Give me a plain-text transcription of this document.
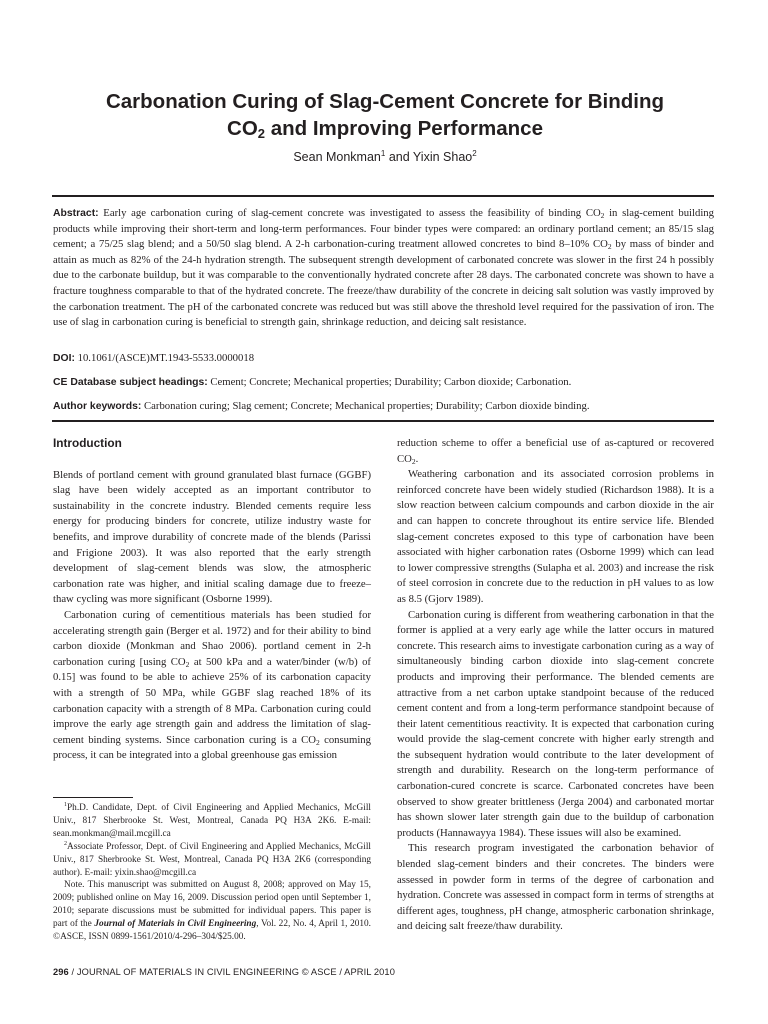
Carbonation Curing of Slag-Cement Concrete for Binding
$CO_2$ and Improving Performance
Sean Monkman$^1$ and Yixin Shao$^2$
Abstract: Early age carbonation curing of slag-cement concrete was investigated to assess the feasibility of binding $CO_2$ in slag-cement building products while improving their short-term and long-term performances. Four binder types were compared: an ordinary portland cement; an 85/15 slag cement; a 75/25 slag blend; and a 50/50 slag blend. A 2-h carbonation-curing treatment allowed concretes to bind 8–10% $CO_2$ by mass of binder and attain as much as 82% of the 24-h hydration strength. The subsequent strength development of carbonated concrete was slower in the first 24 h possibly due to the carbonate buildup, but it was comparable to the conventionally hydrated concrete after 28 days. The carbonated concrete was shown to have a fracture toughness comparable to that of the hydrated concrete. The freeze/thaw durability of the concrete in deicing salt solution was vastly improved by the carbonation treatment. The pH of the carbonated concrete was reduced but was still above the threshold level required for the passivation of iron. The use of slag in carbonation curing is beneficial to strength gain, shrinkage reduction, and deicing salt resistance.
DOI: 10.1061/(ASCE)MT.1943-5533.0000018
CE Database subject headings: Cement; Concrete; Mechanical properties; Durability; Carbon dioxide; Carbonation.
Author keywords: Carbonation curing; Slag cement; Concrete; Mechanical properties; Durability; Carbon dioxide binding.
Introduction

Blends of portland cement with ground granulated blast furnace (GGBF) slag have been widely accepted as an important contributor to sustainability in the concrete industry. Blended cements require less energy for producing binders for concrete, utilize industry waste for benefits, and improve durability of concrete made of the blends (Parissi and Frigione 2003). It was also reported that the early strength development of slag-cement blends was slow, the atmospheric carbonation rate was higher, and initial scaling damage due to freeze–thaw cycling was more significant (Osborne 1999).

Carbonation curing of cementitious materials has been studied for accelerating strength gain (Berger et al. 1972) and for their ability to bind carbon dioxide (Monkman and Shao 2006). portland cement in 2-h carbonation curing [using $CO_2$ at 500 kPa and a water/binder (w/b) of 0.15] was found to be able to achieve 25% of its carbonation capacity with a strength of 50 MPa, while GGBF slag reached 18% of its carbonation capacity with a strength of 8 MPa. Carbonation curing could improve the early age strength gain and address the limitation of slag-cement binding systems. Since carbonation curing is a $CO_2$ consuming process, it can be integrated into a global greenhouse gas emission

$^1$Ph.D. Candidate, Dept. of Civil Engineering and Applied Mechanics, McGill Univ., 817 Sherbrooke St. West, Montreal, Canada PQ H3A 2K6. E-mail: sean.monkman@mail.mcgill.ca

$^2$Associate Professor, Dept. of Civil Engineering and Applied Mechanics, McGill Univ., 817 Sherbrooke St. West, Montreal, Canada PQ H3A 2K6 (corresponding author). E-mail: yixin.shao@mcgill.ca

Note. This manuscript was submitted on August 8, 2008; approved on May 15, 2009; published online on May 16, 2009. Discussion period open until September 1, 2010; separate discussions must be submitted for individual papers. This paper is part of the Journal of Materials in Civil Engineering, Vol. 22, No. 4, April 1, 2010. ©ASCE, ISSN 0899-1561/2010/4-296–304/$25.00.

reduction scheme to offer a beneficial use of as-captured or recovered $CO_2$.

Weathering carbonation and its associated corrosion problems in reinforced concrete have been widely studied (Richardson 1988). It is a slow reaction between calcium compounds and carbon dioxide in the air and can happen to concrete throughout its entire service life. Blended slag-cement concretes exposed to this type of carbonation have been associated with higher carbonation rates (Osborne 1999) which can lead to lower compressive strengths (Sulapha et al. 2003) and increase the risk of steel corrosion in concrete due to the reduction in pH values to as low as 8.5 (Gjorv 1989).

Carbonation curing is different from weathering carbonation in that the former is applied at a very early age while the latter occurs in matured concrete. This research aims to investigate carbonation curing as a way of simultaneously binding carbon dioxide into slag-cement concrete products and improving their performance. The blended cements are attractive from a net carbon uptake standpoint because of the reduced cement content and from a long-term performance standpoint because of their latent cementitious reactivity. It is expected that carbonation curing would provide the slag-cement concrete with higher early strength and the subsequent hydration would contribute to the later development of strength and durability. Research on the long-term performance of carbonation-cured concrete is scarce. Carbonated concretes have been observed to show greater brittleness (Jerga 2004) and carbonated mortar has shown slower later strength gain due to the buildup of carbonation products (Hannawayya 1984). These issues will also be examined.

This research program investigated the carbonation behavior of blended slag-cement binders and their concretes. The binders were assessed in powder form in terms of the degree of carbonation and hydration. Concrete was assessed in compact form in terms of strengths at different ages, toughness, pH change, atmospheric carbonation shrinkage, and deicing salt freeze/thaw durability.

296 / JOURNAL OF MATERIALS IN CIVIL ENGINEERING © ASCE / APRIL 2010
